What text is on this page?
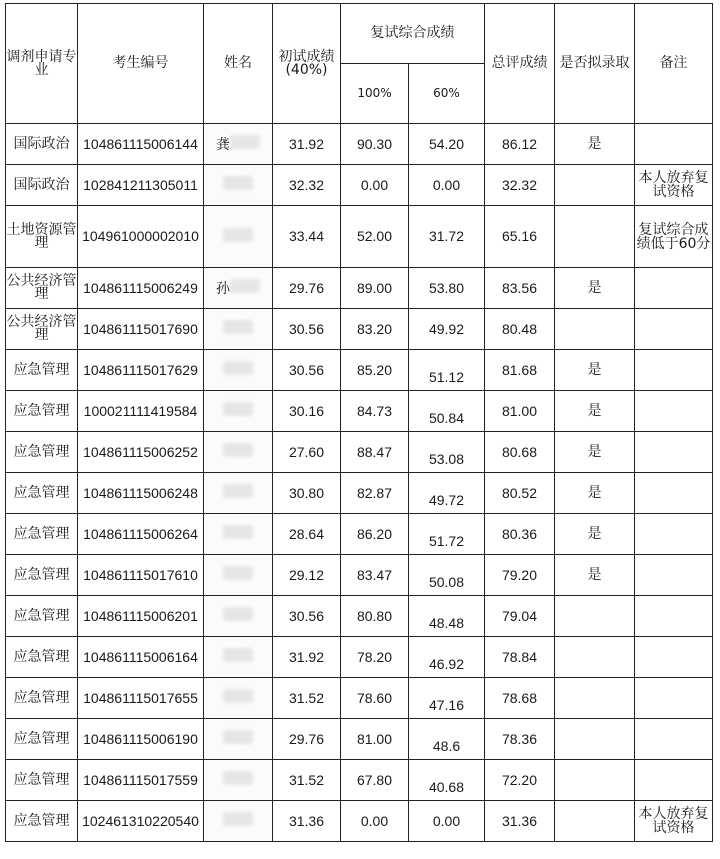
调剂申请专业	考生编号	姓名	初试成绩
(40%)	复试综合成绩		总评成绩	是否拟录取	备注
				100%	60%			
国际政治	104861115006144	龚	31.92	90.30	54.20	86.12	是	
国际政治	102841211305011		32.32	0.00	0.00	32.32		本人放弃复试资格
土地资源管理	104961000002010		33.44	52.00	31.72	65.16		复试综合成绩低于60分
公共经济管理	104861115006249	孙	29.76	89.00	53.80	83.56	是	
公共经济管理	104861115017690		30.56	83.20	49.92	80.48		
应急管理	104861115017629		30.56	85.20	51.12	81.68	是	
应急管理	100021111419584		30.16	84.73	50.84	81.00	是	
应急管理	104861115006252		27.60	88.47	53.08	80.68	是	
应急管理	104861115006248		30.80	82.87	49.72	80.52	是	
应急管理	104861115006264		28.64	86.20	51.72	80.36	是	
应急管理	104861115017610		29.12	83.47	50.08	79.20	是	
应急管理	104861115006201		30.56	80.80	48.48	79.04		
应急管理	104861115006164		31.92	78.20	46.92	78.84		
应急管理	104861115017655		31.52	78.60	47.16	78.68		
应急管理	104861115006190		29.76	81.00	48.6	78.36		
应急管理	104861115017559		31.52	67.80	40.68	72.20		
应急管理	102461310220540		31.36	0.00	0.00	31.36		本人放弃复试资格
